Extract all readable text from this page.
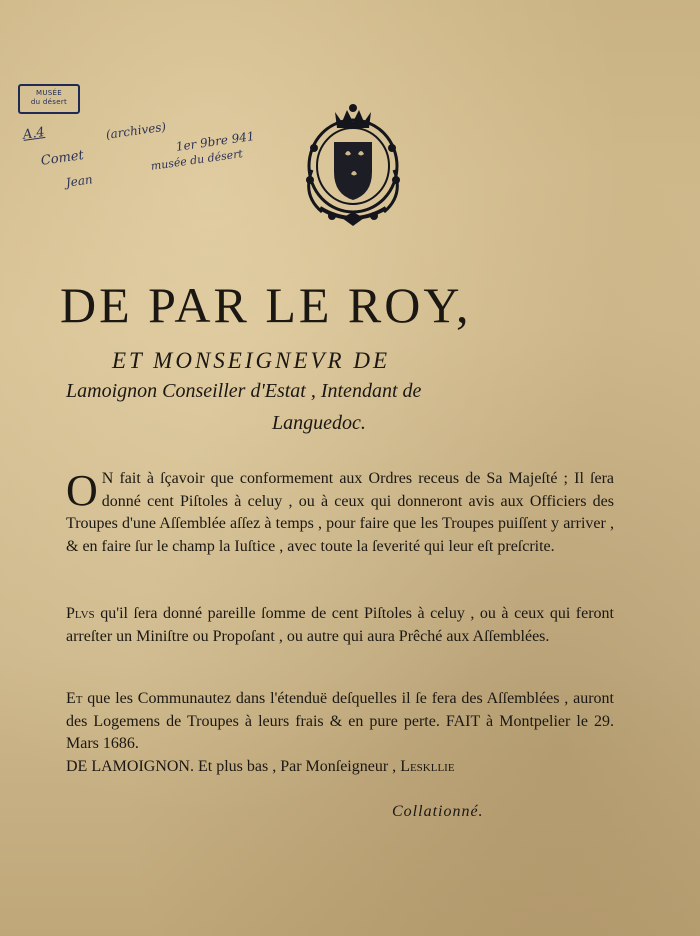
MUSÉE
du désert
A.4	(archives) 1er 9bre 941
Comet
Jean
musée du désert
DE PAR LE ROY,
ET MONSEIGNEVR DE
Lamoignon Conseiller d'Estat , Intendant de
Languedoc.
O N fait à ſçavoir que conformement aux Ordres receus de Sa Majeſté ; Il ſera donné cent Piſtoles à celuy , ou à ceux qui donneront avis aux Officiers des Troupes d'une Aſſemblée aſſez à temps , pour faire que les Troupes puiſſent y arriver , & en faire ſur le champ la Iuſtice , avec toute la ſeverité qui leur eſt preſcrite.
Plvs qu'il ſera donné pareille ſomme de cent Piſtoles à celuy , ou à ceux qui feront arreſter un Miniſtre ou Propoſant , ou autre qui aura Prêché aux Aſſemblées.
Et que les Communautez dans l'étenduë deſquelles il ſe fera des Aſſemblées , auront des Logemens de Troupes à leurs frais & en pure perte. FAIT à Montpelier le 29. Mars 1686.
DE LAMOIGNON. Et plus bas , Par Monſeigneur , Leskllie
Collationné.
